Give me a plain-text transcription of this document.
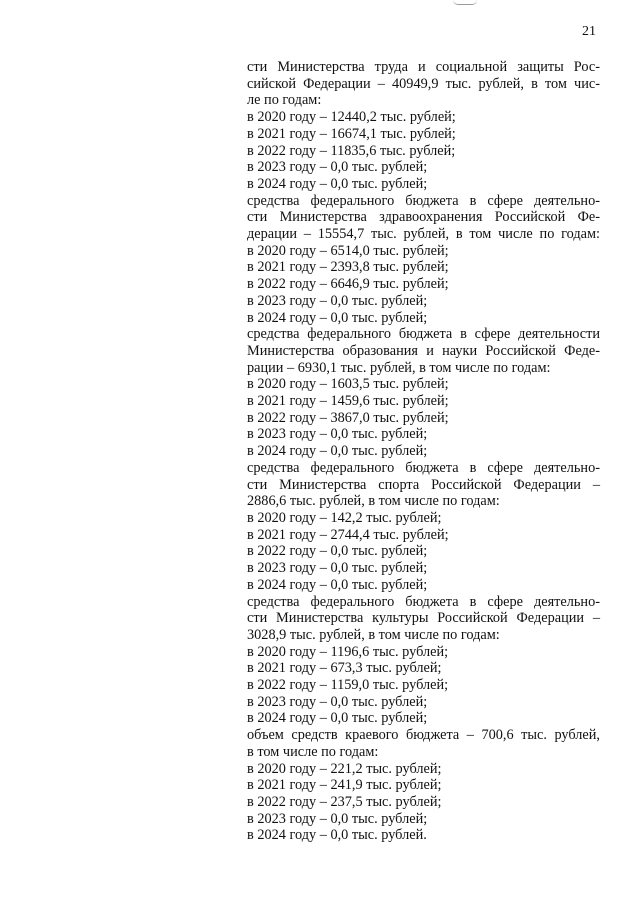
21
сти Министерства труда и социальной защиты Рос-
сийской Федерации – 40949,9 тыс. рублей, в том чис-
ле по годам:
в 2020 году – 12440,2 тыс. рублей;
в 2021 году – 16674,1 тыс. рублей;
в 2022 году – 11835,6 тыс. рублей;
в 2023 году – 0,0 тыс. рублей;
в 2024 году – 0,0 тыс. рублей;
средства федерального бюджета в сфере деятельно-
сти Министерства здравоохранения Российской Фе-
дерации – 15554,7 тыс. рублей, в том числе по годам:
в 2020 году – 6514,0 тыс. рублей;
в 2021 году – 2393,8 тыс. рублей;
в 2022 году – 6646,9 тыс. рублей;
в 2023 году – 0,0 тыс. рублей;
в 2024 году – 0,0 тыс. рублей;
средства федерального бюджета в сфере деятельности
Министерства образования и науки Российской Феде-
рации – 6930,1 тыс. рублей, в том числе по годам:
в 2020 году – 1603,5 тыс. рублей;
в 2021 году – 1459,6 тыс. рублей;
в 2022 году – 3867,0 тыс. рублей;
в 2023 году – 0,0 тыс. рублей;
в 2024 году – 0,0 тыс. рублей;
средства федерального бюджета в сфере деятельно-
сти Министерства спорта Российской Федерации –
2886,6 тыс. рублей, в том числе по годам:
в 2020 году – 142,2 тыс. рублей;
в 2021 году – 2744,4 тыс. рублей;
в 2022 году – 0,0 тыс. рублей;
в 2023 году – 0,0 тыс. рублей;
в 2024 году – 0,0 тыс. рублей;
средства федерального бюджета в сфере деятельно-
сти Министерства культуры Российской Федерации –
3028,9 тыс. рублей, в том числе по годам:
в 2020 году – 1196,6 тыс. рублей;
в 2021 году – 673,3 тыс. рублей;
в 2022 году – 1159,0 тыс. рублей;
в 2023 году – 0,0 тыс. рублей;
в 2024 году – 0,0 тыс. рублей;
объем средств краевого бюджета – 700,6 тыс. рублей,
в том числе по годам:
в 2020 году – 221,2 тыс. рублей;
в 2021 году – 241,9 тыс. рублей;
в 2022 году – 237,5 тыс. рублей;
в 2023 году – 0,0 тыс. рублей;
в 2024 году – 0,0 тыс. рублей.
